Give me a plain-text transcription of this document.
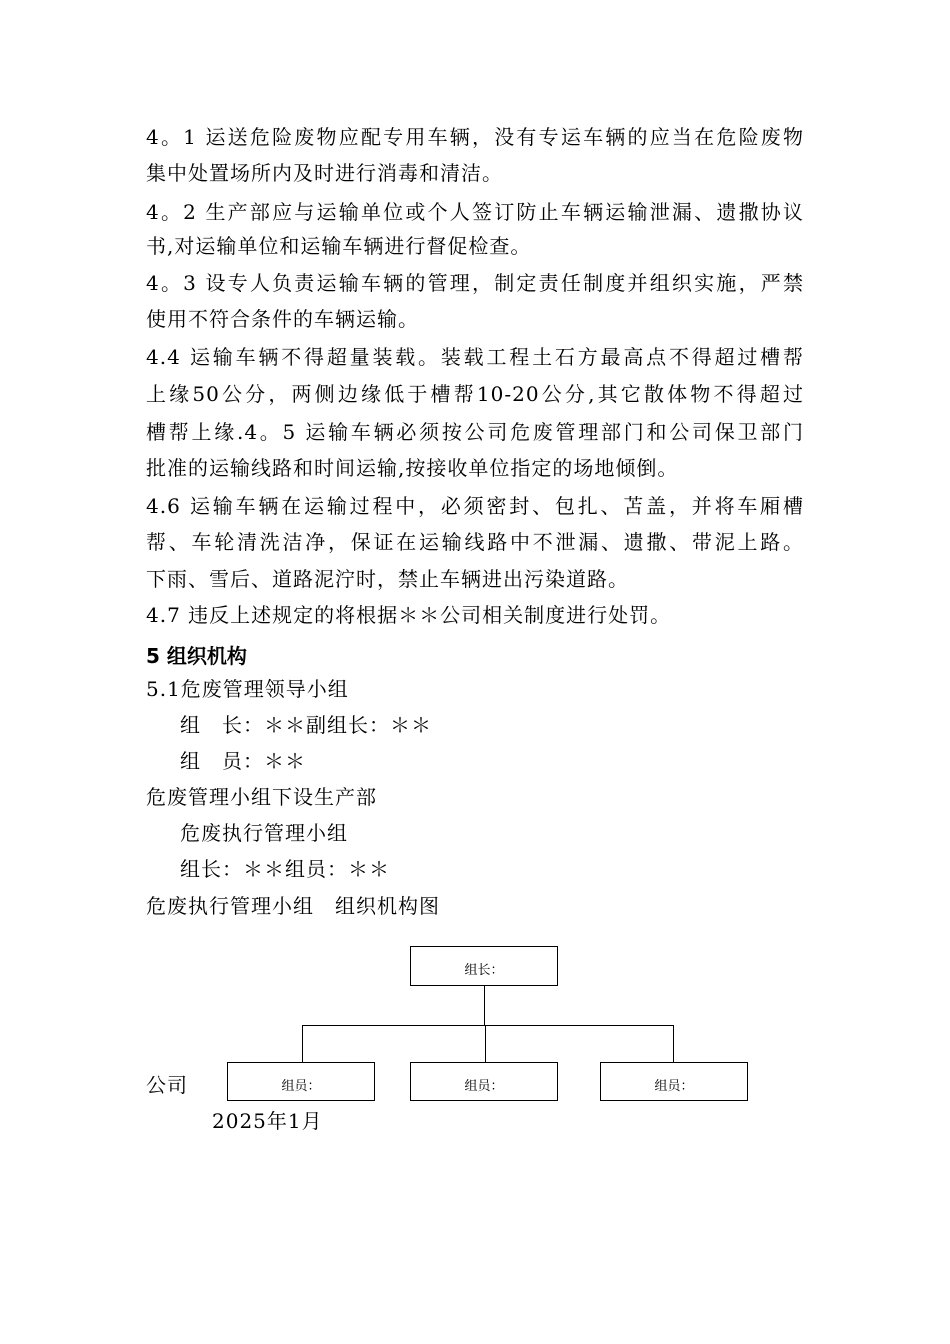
4。1 运送危险废物应配专用车辆，没有专运车辆的应当在危险废物
集中处置场所内及时进行消毒和清洁。
4。2 生产部应与运输单位或个人签订防止车辆运输泄漏、遗撒协议
书,对运输单位和运输车辆进行督促检查。
4。3 设专人负责运输车辆的管理，制定责任制度并组织实施，严禁
使用不符合条件的车辆运输。
4.4 运输车辆不得超量装载。装载工程土石方最高点不得超过槽帮
上缘50公分，两侧边缘低于槽帮10-20公分,其它散体物不得超过
槽帮上缘.4。5 运输车辆必须按公司危废管理部门和公司保卫部门
批准的运输线路和时间运输,按接收单位指定的场地倾倒。
4.6 运输车辆在运输过程中，必须密封、包扎、苫盖，并将车厢槽
帮、车轮清洗洁净，保证在运输线路中不泄漏、遗撒、带泥上路。
下雨、雪后、道路泥泞时，禁止车辆进出污染道路。
4.7 违反上述规定的将根据＊＊公司相关制度进行处罚。
5 组织机构
5.1危废管理领导小组
组　长：＊＊副组长：＊＊
组　员：＊＊
危废管理小组下设生产部
危废执行管理小组
组长：＊＊组员：＊＊
危废执行管理小组　组织机构图
组长：
组员：	组员：	组员：
公司
2025年1月
